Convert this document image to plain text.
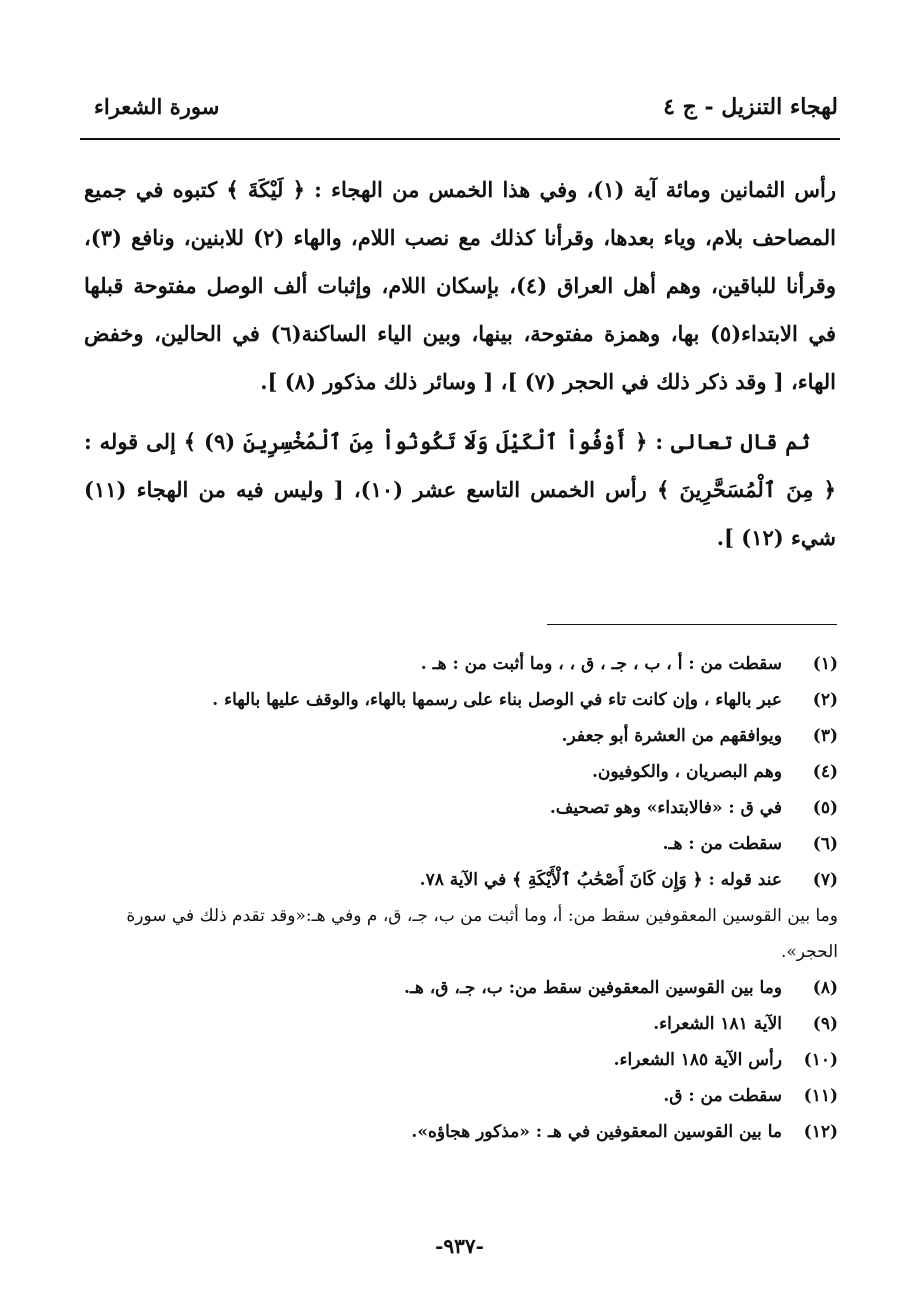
لهجاء التنزيل - ج ٤
سورة الشعراء

رأس الثمانين ومائة آية (١)، وفي هذا الخمس من الهجاء : ﴿ لَيْكَةَ ﴾ كتبوه في جميع المصاحف بلام، وياء بعدها، وقرأنا كذلك مع نصب اللام، والهاء (٢) للابنين، ونافع (٣)، وقرأنا للباقين، وهم أهل العراق (٤)، بإسكان اللام، وإثبات ألف الوصل مفتوحة قبلها في الابتداء(٥) بها، وهمزة مفتوحة، بينها، وبين الياء الساكنة(٦) في الحالين، وخفض الهاء، [ وقد ذكر ذلك في الحجر (٧) ]، [ وسائر ذلك مذكور (٨) ].

ثم قال تعالى : ﴿ أَوْفُواْ ٱلْكَيْلَ وَلَا تَكُونُواْ مِنَ ٱلْمُخْسِرِينَ (٩) ﴾ إلى قوله : ﴿ مِنَ ٱلْمُسَحَّرِينَ ﴾ رأس الخمس التاسع عشر (١٠)، [ وليس فيه من الهجاء (١١) شيء (١٢) ].

(١)
سقطت من : أ ، ب ، جـ ، ق ، ، وما أثبت من : هـ .
(٢)
عبر بالهاء ، وإن كانت تاء في الوصل بناء على رسمها بالهاء، والوقف عليها بالهاء .
(٣)
ويوافقهم من العشرة أبو جعفر.
(٤)
وهم البصريان ، والكوفيون.
(٥)
في ق : «فالابتداء» وهو تصحيف.
(٦)
سقطت من : هـ.
(٧)
عند قوله : ﴿ وَإِن كَانَ أَصْحَٰبُ ٱلْأَيْكَةِ ﴾ في الآية ٧٨.
وما بين القوسين المعقوفين سقط من: أ، وما أثبت من ب، جـ، ق، م وفي هـ:«وقد تقدم ذلك في سورة الحجر».
(٨)
وما بين القوسين المعقوفين سقط من: ب، جـ، ق، هـ.
(٩)
الآية ١٨١ الشعراء.
(١٠)
رأس الآية ١٨٥ الشعراء.
(١١)
سقطت من : ق.
(١٢)
ما بين القوسين المعقوفين في هـ : «مذكور هجاؤه».
-٩٣٧-
